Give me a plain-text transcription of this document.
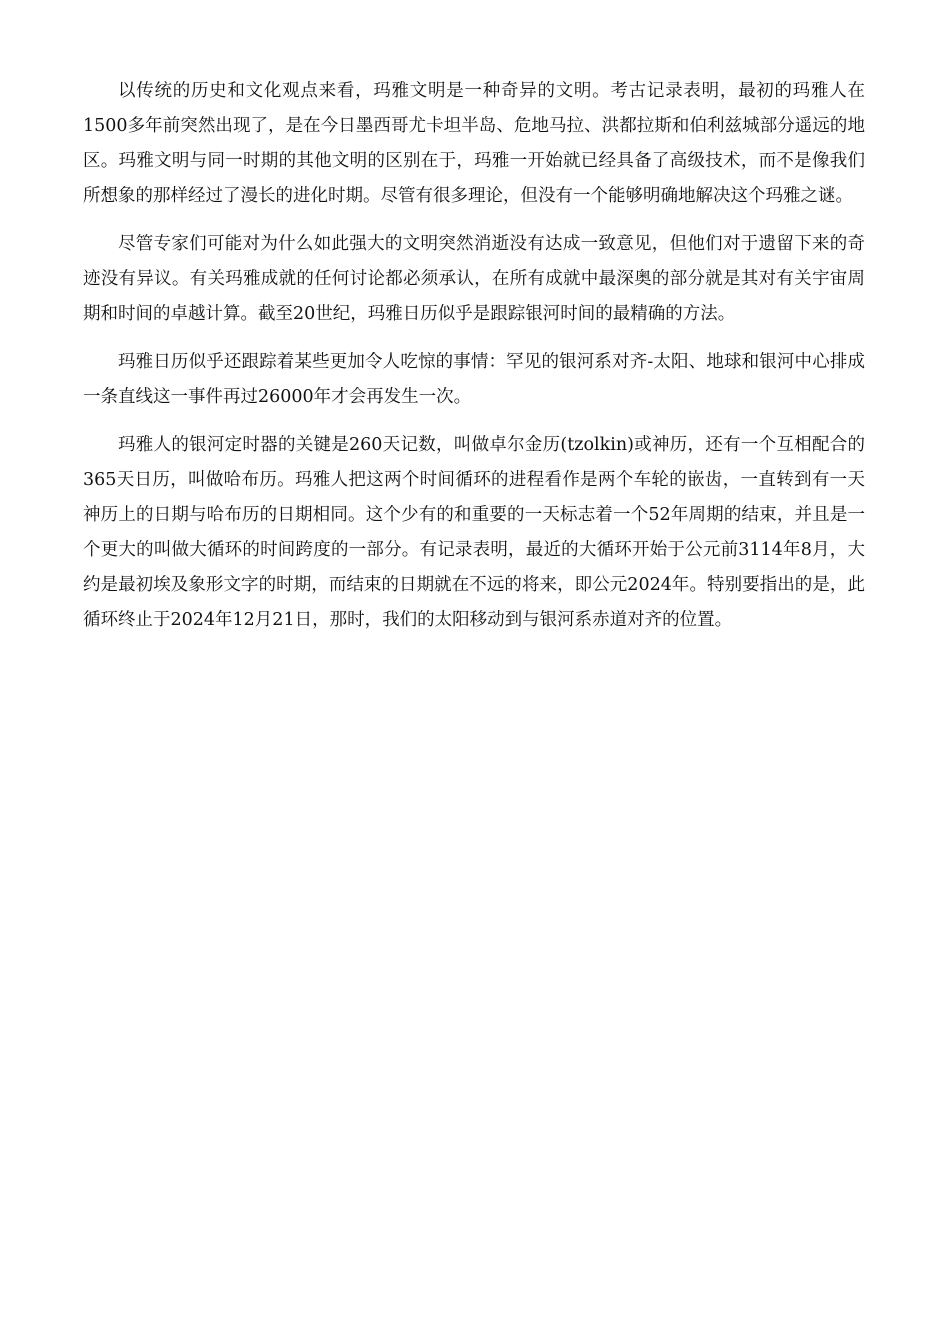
以传统的历史和文化观点来看，玛雅文明是一种奇异的文明。考古记录表明，最初的玛雅人在1500多年前突然出现了，是在今日墨西哥尤卡坦半岛、危地马拉、洪都拉斯和伯利兹城部分遥远的地区。玛雅文明与同一时期的其他文明的区别在于，玛雅一开始就已经具备了高级技术，而不是像我们所想象的那样经过了漫长的进化时期。尽管有很多理论，但没有一个能够明确地解决这个玛雅之谜。

尽管专家们可能对为什么如此强大的文明突然消逝没有达成一致意见，但他们对于遗留下来的奇迹没有异议。有关玛雅成就的任何讨论都必须承认，在所有成就中最深奥的部分就是其对有关宇宙周期和时间的卓越计算。截至20世纪，玛雅日历似乎是跟踪银河时间的最精确的方法。

玛雅日历似乎还跟踪着某些更加令人吃惊的事情：罕见的银河系对齐-太阳、地球和银河中心排成一条直线这一事件再过26000年才会再发生一次。

玛雅人的银河定时器的关键是260天记数，叫做卓尔金历(tzolkin)或神历，还有一个互相配合的365天日历，叫做哈布历。玛雅人把这两个时间循环的进程看作是两个车轮的嵌齿，一直转到有一天神历上的日期与哈布历的日期相同。这个少有的和重要的一天标志着一个52年周期的结束，并且是一个更大的叫做大循环的时间跨度的一部分。有记录表明，最近的大循环开始于公元前3114年8月，大约是最初埃及象形文字的时期，而结束的日期就在不远的将来，即公元2024年。特别要指出的是，此循环终止于2024年12月21日，那时，我们的太阳移动到与银河系赤道对齐的位置。
